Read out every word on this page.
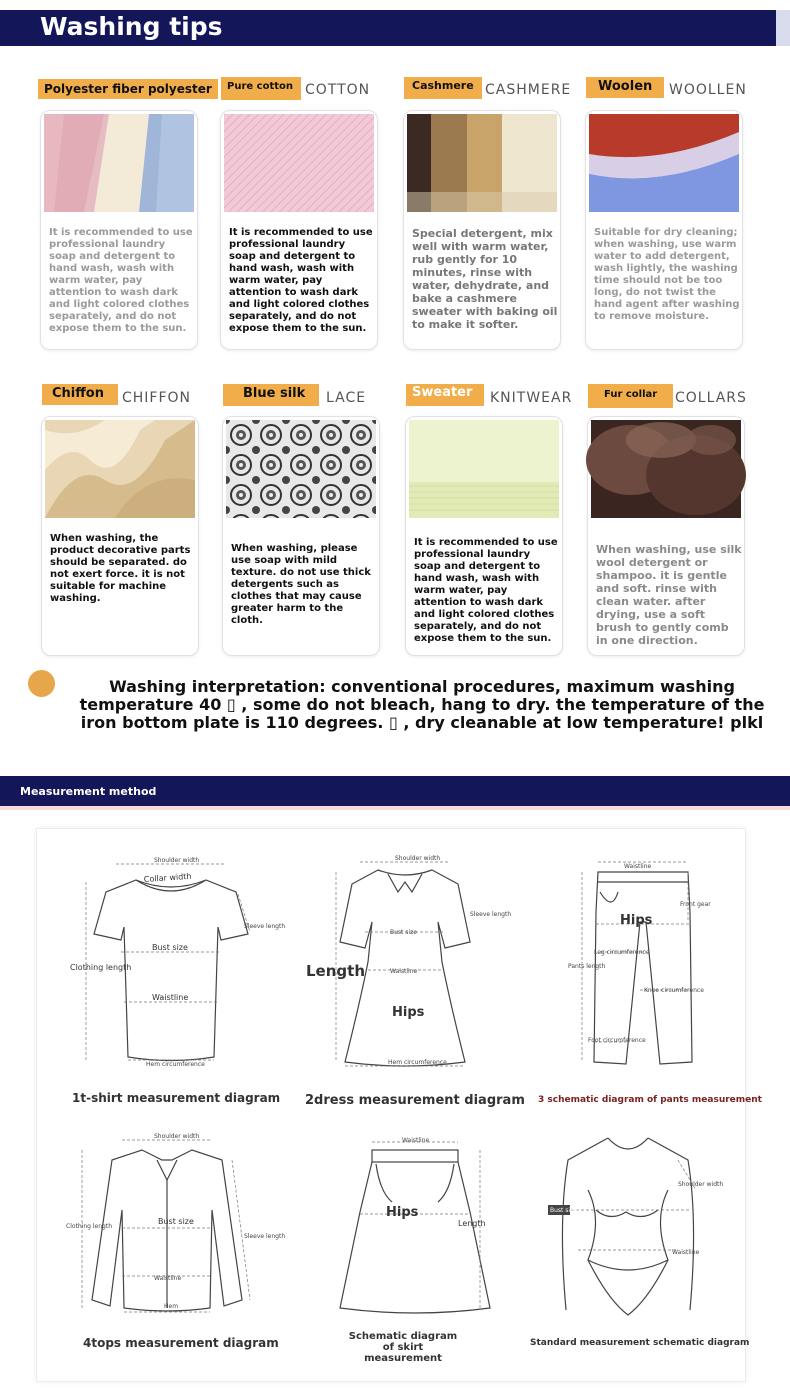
Washing tips
Polyester fiber polyester	Pure cotton COTTON	Cashmere CASHMERE	Woolen	WOOLLEN
It is recommended to use professional laundry soap and detergent to hand wash, wash with warm water, pay attention to wash dark and light colored clothes separately, and do not expose them to the sun.
It is recommended to use professional laundry soap and detergent to hand wash, wash with warm water, pay attention to wash dark and light colored clothes separately, and do not expose them to the sun.
Special detergent, mix well with warm water, rub gently for 10 minutes, rinse with water, dehydrate, and bake a cashmere sweater with baking oil to make it softer.
Suitable for dry cleaning; when washing, use warm water to add detergent, wash lightly, the washing time should not be too long, do not twist the hand agent after washing to remove moisture.
Chiffon	CHIFFON	Blue silk	LACE	Sweater	KNITWEAR	Fur collar	COLLARS
When washing, the product decorative parts should be separated. do not exert force. it is not suitable for machine washing.
When washing, please use soap with mild texture. do not use thick detergents such as clothes that may cause greater harm to the cloth.
It is recommended to use professional laundry soap and detergent to hand wash, wash with warm water, pay attention to wash dark and light colored clothes separately, and do not expose them to the sun.
When washing, use silk wool detergent or shampoo. it is gentle and soft. rinse with clean water. after drying, use a soft brush to gently comb in one direction.
Washing interpretation: conventional procedures, maximum washing temperature 40 ▯ , some do not bleach, hang to dry. the temperature of the iron bottom plate is 110 degrees. ▯ , dry cleanable at low temperature! plkl
Measurement method
Shoulder width
Collar width
Sleeve length
Bust size
Clothing length
Waistline
Hem circumference
1t-shirt measurement diagram
Shoulder width
Sleeve length
Bust size
Length	Waistline
Hips
Hem circumference
2dress measurement diagram
Waistline
Front gear
Hips
Leg circumference
Pants length
Knee circumference
Foot circumference
3 schematic diagram of pants measurement
Shoulder width
Bust size
Clothing length
Sleeve length
Waistline
Hem
4tops measurement diagram
Waistline
Hips
Length
Schematic diagram of skirt measurement
Bust size
Shoulder width
Waistline
Standard measurement schematic diagram
